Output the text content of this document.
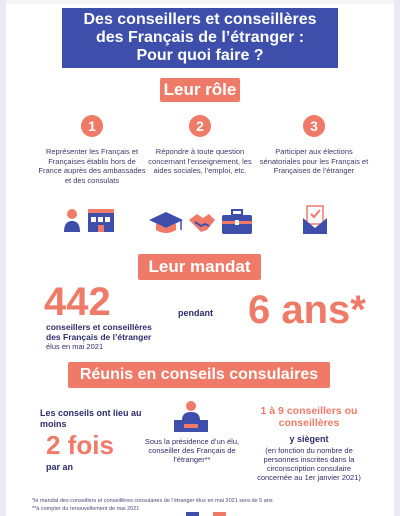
Des conseillers et conseillères
des Français de l’étranger :
Pour quoi faire ?
Leur rôle
1	2	3
Représenter les Français et Françaises établis hors de France auprès des ambassades et des consulats
Répondre à toute question concernant l’enseignement, les aides sociales, l’emploi, etc.
Participer aux élections sénatoriales pour les Français et Françaises de l’étranger
Leur mandat
442
conseillers et conseillères
des Français de l’étranger
élus en mai 2021
pendant 6 ans*
Réunis en conseils consulaires
Les conseils ont lieu au moins
2 fois
par an
Sous la présidence d’un élu, conseiller des Français de l’étranger**
1 à 9 conseillers ou conseillères
y siègent
(en fonction du nombre de personnes inscrites dans la circonscription consulaire concernée au 1er janvier 2021)
*le mandat des conseillers et conseillères consulaires de l’étranger élus en mai 2021 sera de 5 ans
**à compter du renouvellement de mai 2021
